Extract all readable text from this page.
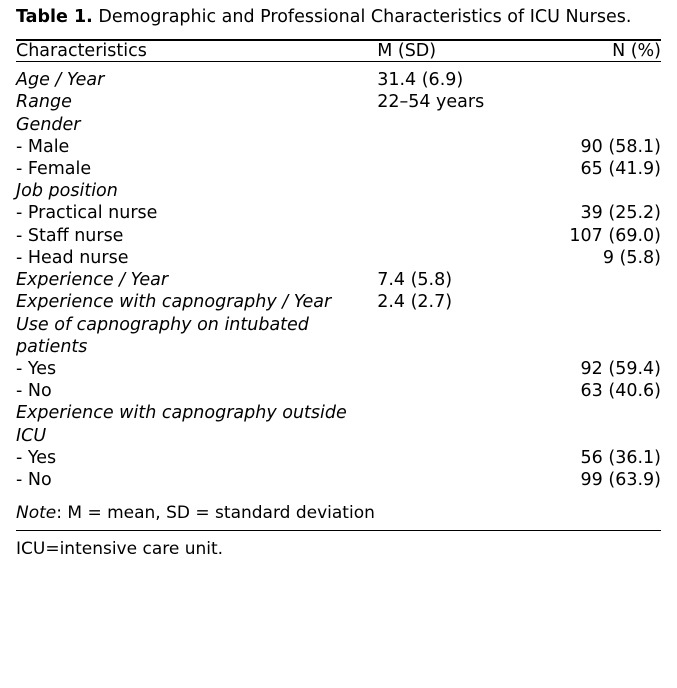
Table 1. Demographic and Professional Characteristics of ICU Nurses.
Characteristics	M (SD)	N (%)

Age / Year	31.4 (6.9)	
Range	22–54 years	
Gender		
- Male		90 (58.1)
- Female		65 (41.9)
Job position		
- Practical nurse		39 (25.2)
- Staff nurse		107 (69.0)
- Head nurse		9 (5.8)
Experience / Year	7.4 (5.8)	
Experience with capnography / Year	2.4 (2.7)	
Use of capnography on intubated patients		
- Yes		92 (59.4)
- No		63 (40.6)
Experience with capnography outside ICU		
- Yes		56 (36.1)
- No		99 (63.9)

Note: M = mean, SD = standard deviation
ICU=intensive care unit.
